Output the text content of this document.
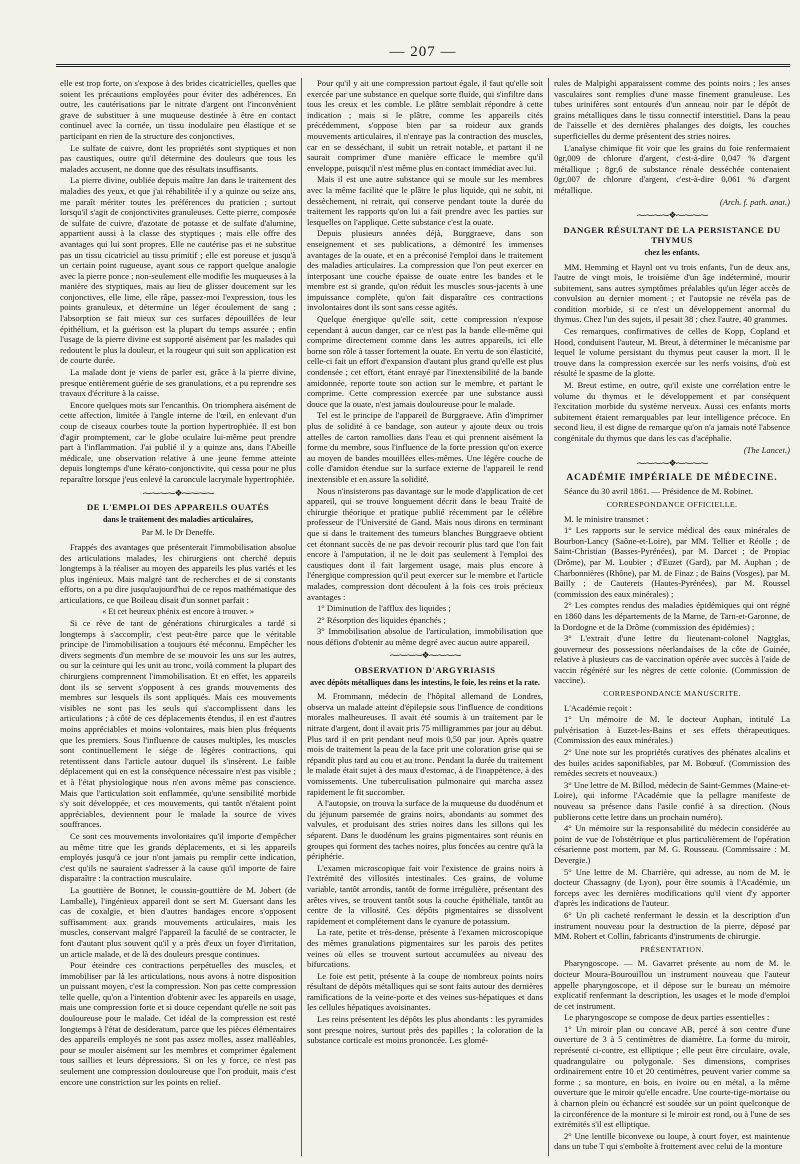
— 207 —

elle est trop forte, on s'expose à des brides cicatricielles, quelles que soient les précautions employées pour éviter des adhérences. En outre, les cautérisations par le nitrate d'argent ont l'inconvénient grave de substituer à une muqueuse destinée à être en contact continuel avec la cornée, un tissu inodulaire peu élastique et se participant en rien de la structure des conjonctives.

Le sulfate de cuivre, dont les propriétés sont styptiques et non pas caustiques, outre qu'il détermine des douleurs que tous les malades accusent, ne donne que des résultats insuffisants.

La pierre divine, oubliée depuis maître Jan dans le traitement des maladies des yeux, et que j'ai réhabilitée il y a quinze ou seize ans, me paraît mériter toutes les préférences du praticien ; surtout lorsqu'il s'agit de conjonctivites granuleuses. Cette pierre, composée de sulfate de cuivre, d'azotate de potasse et de sulfate d'alumine, appartient aussi à la classe des styptiques ; mais elle offre des avantages qui lui sont propres. Elle ne cautérise pas et ne substitue pas un tissu cicatriciel au tissu primitif ; elle est poreuse et jusqu'à un certain point rugueuse, ayant sous ce rapport quelque analogie avec la pierre ponce ; non-seulement elle modifie les muqueuses à la manière des styptiques, mais au lieu de glisser doucement sur les conjonctives, elle lime, elle râpe, passez-moi l'expression, tous les points granuleux, et détermine un léger écoulement de sang ; l'absorption se fait mieux sur ces surfaces dépouillées de leur épithélium, et la guérison est la plupart du temps assurée ; enfin l'usage de la pierre divine est supporté aisément par les malades qui redoutent le plus la douleur, et la rougeur qui suit son application est de courte durée.

La malade dont je viens de parler est, grâce à la pierre divine, presque entièrement guérie de ses granulations, et a pu reprendre ses travaux d'écriture à la caisse.

Encore quelques mots sur l'encanthis. On triomphera aisément de cette affection, limitée à l'angle interne de l'œil, en enlevant d'un coup de ciseaux courbes toute la portion hypertrophiée. Il est bon d'agir promptement, car le globe oculaire lui-même peut prendre part à l'inflammation. J'ai publié il y a quinze ans, dans l'Abeille médicale, une observation relative à une jeune femme atteinte depuis longtemps d'une kérato-conjonctivite, qui cessa pour ne plus reparaître lorsque j'eus enlevé la caroncule lacrymale hypertrophiée.

⁓⁓⁓⁓❖⁓⁓⁓⁓
DE L'EMPLOI DES APPAREILS OUATÉS
dans le traitement des maladies articulaires,
Par M. le Dr Deneffe.

Frappés des avantages que présenterait l'immobilisation absolue des articulations malades, les chirurgiens ont cherché depuis longtemps à la réaliser au moyen des appareils les plus variés et les plus ingénieux. Mais malgré tant de recherches et de si constants efforts, on a pu dire jusqu'aujourd'hui de ce repos mathématique des articulations, ce que Boileau disait d'un sonnet parfait :

« Et cet heureux phénix est encore à trouver. »

Si ce rêve de tant de générations chirurgicales a tardé si longtemps à s'accomplir, c'est peut-être parce que le véritable principe de l'immobilisation a toujours été méconnu. Empêcher les divers segments d'un membre de se mouvoir les uns sur les autres, ou sur la ceinture qui les unit au tronc, voilà comment la plupart des chirurgiens comprennent l'immobilisation. Et en effet, les appareils dont ils se servent s'opposent à ces grands mouvements des membres sur lesquels ils sont appliqués. Mais ces mouvements visibles ne sont pas les seuls qui s'accomplissent dans les articulations ; à côté de ces déplacements étendus, il en est d'autres moins appréciables et moins volontaires, mais bien plus fréquents que les premiers. Sous l'influence de causes multiples, les muscles sont continuellement le siége de légères contractions, qui retentissent dans l'article autour duquel ils s'insèrent. Le faible déplacement qui en est la conséquence nécessaire n'est pas visible ; et à l'état physiologique nous n'en avons même pas conscience. Mais que l'articulation soit enflammée, qu'une sensibilité morbide s'y soit développée, et ces mouvements, qui tantôt n'étaient point appréciables, deviennent pour le malade la source de vives souffrances.

Ce sont ces mouvements involontaires qu'il importe d'empêcher au même titre que les grands déplacements, et si les appareils employés jusqu'à ce jour n'ont jamais pu remplir cette indication, c'est qu'ils ne sauraient s'adresser à la cause qu'il importe de faire disparaître : la contraction musculaire.

La gouttière de Bonnet, le coussin-gouttière de M. Jobert (de Lamballe), l'ingénieux appareil dont se sert M. Guersant dans les cas de coxalgie, et bien d'autres bandages encore s'opposent suffisamment aux grands mouvements articulaires, mais les muscles, conservant malgré l'appareil la faculté de se contracter, le font d'autant plus souvent qu'il y a près d'eux un foyer d'irritation, un article malade, et de là des douleurs presque continues.

Pour éteindre ces contractions perpétuelles des muscles, et immobiliser par là les articulations, nous avons à notre disposition un puissant moyen, c'est la compression. Non pas cette compression telle quelle, qu'on a l'intention d'obtenir avec les appareils en usage, mais une compression forte et si douce cependant qu'elle ne soit pas douloureuse pour le malade. Cet idéal de la compression est resté longtemps à l'état de desideratum, parce que les pièces élémentaires des appareils employés ne sont pas assez molles, assez malléables, pour se mouler aisément sur les membres et comprimer également tous saillies et leurs dépressions. Si on les y force, ce n'est pas seulement une compression douloureuse que l'on produit, mais c'est encore une constriction sur les points en relief.

Pour qu'il y ait une compression partout égale, il faut qu'elle soit exercée par une substance en quelque sorte fluide, qui s'infiltre dans tous les creux et les comble. Le plâtre semblait répondre à cette indication ; mais si le plâtre, comme les appareils cités précédemment, s'oppose bien par sa roideur aux grands mouvements articulaires, il n'enraye pas la contraction des muscles, car en se desséchant, il subit un retrait notable, et partant il ne saurait comprimer d'une manière efficace le membre qu'il enveloppe, puisqu'il n'est même plus en contact immédiat avec lui.

Mais il est une autre substance qui se moule sur les membres avec la même facilité que le plâtre le plus liquide, qui ne subit, ni dessèchement, ni retrait, qui conserve pendant toute la durée du traitement les rapports qu'on lui a fait prendre avec les parties sur lesquelles on l'applique. Cette substance c'est la ouate.

Depuis plusieurs années déjà, Burggraeve, dans son enseignement et ses publications, a démontré les immenses avantages de la ouate, et en a préconisé l'emploi dans le traitement des maladies articulaires. La compression que l'on peut exercer en interposant une couche épaisse de ouate entre les bandes et le membre est si grande, qu'on réduit les muscles sous-jacents à une impuissance complète, qu'on fait disparaître ces contractions involontaires dont ils sont sans cesse agités.

Quelque énergique qu'elle soit, cette compression n'expose cependant à aucun danger, car ce n'est pas la bande elle-même qui comprime directement comme dans les autres appareils, ici elle borne son rôle à tasser fortement la ouate. En vertu de son élasticité, celle-ci fait un effort d'expansion d'autant plus grand qu'elle est plus condensée ; cet effort, étant enrayé par l'inextensibilité de la bande amidonnée, reporte toute son action sur le membre, et partant le comprime. Cette compression exercée par une substance aussi douce que la ouate, n'est jamais douloureuse pour le malade.

Tel est le principe de l'appareil de Burggraeve. Afin d'imprimer plus de solidité à ce bandage, son auteur y ajoute deux ou trois attelles de carton ramollies dans l'eau et qui prennent aisément la forme du membre, sous l'influence de la forte pression qu'on exerce au moyen de bandes mouillées elles-mêmes. Une légère couche de colle d'amidon étendue sur la surface externe de l'appareil le rend inextensible et en assure la solidité.

Nous n'insisterons pas davantage sur le mode d'application de cet appareil, qui se trouve longuement décrit dans le beau Traité de chirurgie théorique et pratique publié récemment par le célèbre professeur de l'Université de Gand. Mais nous dirons en terminant que si dans le traitement des tumeurs blanches Burggraeve obtient cet étonnant succès de ne pas devoir recourir plus tard que l'on fait encore à l'amputation, il ne le doit pas seulement à l'emploi des caustiques dont il fait largement usage, mais plus encore à l'énergique compression qu'il peut exercer sur le membre et l'article malades, compression dont découlent à la fois ces trois précieux avantages :

1° Diminution de l'afflux des liquides ;

2° Résorption des liquides épanchés ;

3° Immobilisation absolue de l'articulation, immobilisation que nous défions d'obtenir au même degré avec aucun autre appareil.

⁓⁓⁓⁓❖⁓⁓⁓⁓
OBSERVATION D'ARGYRIASIS
avec dépôts métalliques dans les intestins, le foie, les reins et la rate.

M. Frommann, médecin de l'hôpital allemand de Londres, observa un malade atteint d'épilepsie sous l'influence de conditions morales malheureuses. Il avait été soumis à un traitement par le nitrate d'argent, dont il avait pris 75 milligrammes par jour au début. Plus tard il en prit pendant neuf mois 0,50 par jour. Après quatre mois de traitement la peau de la face prit une coloration grise qui se répandit plus tard au cou et au tronc. Pendant la durée du traitement le malade était sujet à des maux d'estomac, à de l'inappétence, à des vomissements. Une tuberculisation pulmonaire qui marcha assez rapidement le fit succomber.

A l'autopsie, on trouva la surface de la muqueuse du duodénum et du jéjunum parsemée de grains noirs, abondants au sommet des valvules, et produisant des stries noires dans les sillons qui les séparent. Dans le duodénum les grains pigmentaires sont réunis en groupes qui forment des taches noires, plus foncées au centre qu'à la périphérie.

L'examen microscopique fait voir l'existence de grains noirs à l'extrémité des villosités intestinales. Ces grains, de volume variable, tantôt arrondis, tantôt de forme irrégulière, présentant des arêtes vives, se trouvent tantôt sous la couche épithéliale, tantôt au centre de la villosité. Ces dépôts pigmentaires se dissolvent rapidement et complétement dans le cyanure de potassium.

La rate, petite et très-dense, présente à l'examen microscopique des mêmes granulations pigmentaires sur les parois des petites veines où elles se trouvent surtout accumulées au niveau des bifurcations.

Le foie est petit, présente à la coupe de nombreux points noirs résultant de dépôts métalliques qui se sont faits autour des dernières ramifications de la veine-porte et des veines sus-hépatiques et dans les cellules hépatiques avoisinantes.

Les reins présentent les dépôts les plus abondants : les pyramides sont presque noires, surtout près des papilles ; la coloration de la substance corticale est moins prononcée. Les glomé-

rules de Malpighi apparaissent comme des points noirs ; les anses vasculaires sont remplies d'une masse finement granuleuse. Les tubes urinifères sont entourés d'un anneau noir par le dépôt de grains métalliques dans le tissu connectif interstitiel. Dans la peau de l'aisselle et des dernières phalanges des doigts, les couches superficielles du derme présentent des stries noires.

L'analyse chimique fit voir que les grains du foie renfermaient 0gr,009 de chlorure d'argent, c'est-à-dire 0,047 % d'argent métallique ; 8gr,6 de substance rénale desséchée contenaient 0gr,007 de chlorure d'argent, c'est-à-dire 0,061 % d'argent métallique.

(Arch. f. path. anat.)

⁓⁓⁓⁓❖⁓⁓⁓⁓
DANGER RÉSULTANT DE LA PERSISTANCE DU THYMUS
chez les enfants.

MM. Hemming et Haynl ont vu trois enfants, l'un de deux ans, l'autre de vingt mois, le troisième d'un âge indéterminé, mourir subitement, sans autres symptômes préalables qu'un léger accès de convulsion au dernier moment ; et l'autopsie ne révéla pas de condition morbide, si ce n'est un développement anormal du thymus. Chez l'un des sujets, il pesait 38 ; chez l'autre, 40 grammes.

Ces remarques, confirmatives de celles de Kopp, Copland et Hood, conduisent l'auteur, M. Breut, à déterminer le mécanisme par lequel le volume persistant du thymus peut causer la mort. Il le trouve dans la compression exercée sur les nerfs voisins, d'où est résulté le spasme de la glotte.

M. Breut estime, en outre, qu'il existe une corrélation entre le volume du thymus et le développement et par conséquent l'excitation morbide du système nerveux. Aussi ces enfants morts subitement étaient remarquables par leur intelligence précoce. En second lieu, il est digne de remarque qu'on n'a jamais noté l'absence congénitale du thymus que dans les cas d'acéphalie.

(The Lancet.)

⁓⁓⁓⁓❖⁓⁓⁓⁓
ACADÉMIE IMPÉRIALE DE MÉDECINE.

Séance du 30 avril 1861. — Présidence de M. Robinet.

CORRESPONDANCE OFFICIELLE.

M. le ministre transmet :

1° Les rapports sur le service médical des eaux minérales de Bourbon-Lancy (Saône-et-Loire), par MM. Tellier et Réolle ; de Saint-Christian (Basses-Pyrénées), par M. Darcet ; de Propiac (Drôme), par M. Loubier ; d'Euzet (Gard), par M. Auphan ; de Charbonnières (Rhône), par M. de Finaz ; de Bains (Vosges), par M. Bailly ; de Cauterets (Hautes-Pyrénées), par M. Roussel (commission des eaux minérales) ;

2° Les comptes rendus des maladies épidémiques qui ont régné en 1860 dans les départements de la Marne, de Tarn-et-Garonne, de la Dordogne et de la Drôme (commission des épidémies) ;

3° L'extrait d'une lettre du lieutenant-colonel Nagtglas, gouverneur des possessions néerlandaises de la côte de Guinée, relative à plusieurs cas de vaccination opérée avec succès à l'aide de vaccin régénéré sur les nègres de cette colonie. (Commission de vaccine).

CORRESPONDANCE MANUSCRITE.

L'Académie reçoit :

1° Un mémoire de M. le docteur Auphan, intitulé La pulvérisation à Euzet-les-Bains et ses effets thérapeutiques. (Commission des eaux minérales.)

2° Une note sur les propriétés curatives des phénates alcalins et des huiles acides saponifiables, par M. Bobœuf. (Commission des remèdes secrets et nouveaux.)

3° Une lettre de M. Billod, médecin de Saint-Gemmes (Maine-et-Loire), qui informe l'Académie que la pellagre manifeste de nouveau sa présence dans l'asile confié à sa direction. (Nous publierons cette lettre dans un prochain numéro).

4° Un mémoire sur la responsabilité du médecin considérée au point de vue de l'obstétrique et plus particulièrement de l'opération césarienne post mortem, par M. G. Rousseau. (Commissaire : M. Devergie.)

5° Une lettre de M. Charrière, qui adresse, au nom de M. le docteur Chassagny (de Lyon), pour être soumis à l'Académie, un forceps avec les dernières modifications qu'il vient d'y apporter d'après les indications de l'auteur.

6° Un pli cacheté renfermant le dessin et la description d'un instrument nouveau pour la destruction de la pierre, déposé par MM. Robert et Collin, fabricants d'instruments de chirurgie.

PRÉSENTATION.

Pharyngoscope. — M. Gavarret présente au nom de M. le docteur Moura-Bourouillou un instrument nouveau que l'auteur appelle pharyngoscope, et il dépose sur le bureau un mémoire explicatif renfermant la description, les usages et le mode d'emploi de cet instrument.

Le pharyngoscope se compose de deux parties essentielles :

1° Un miroir plan ou concave AB, percé à son centre d'une ouverture de 3 à 5 centimètres de diamètre. La forme du miroir, représenté ci-contre, est elliptique ; elle peut être circulaire, ovale, quadrangulaire ou polygonale. Ses dimensions, comprises ordinairement entre 10 et 20 centimètres, peuvent varier comme sa forme ; sa monture, en bois, en ivoire ou en métal, a la même ouverture que le miroir qu'elle encadre. Une courte-tige-mortaise ou à charnon plein ou échancré est soudée sur un point quelconque de la circonférence de la monture si le miroir est rond, ou à l'une de ses extrémités s'il est elliptique.

2° Une lentille biconvexe ou loupe, à court foyer, est maintenue dans un tube T qui s'emboîte à frottement avec celui de la monture
